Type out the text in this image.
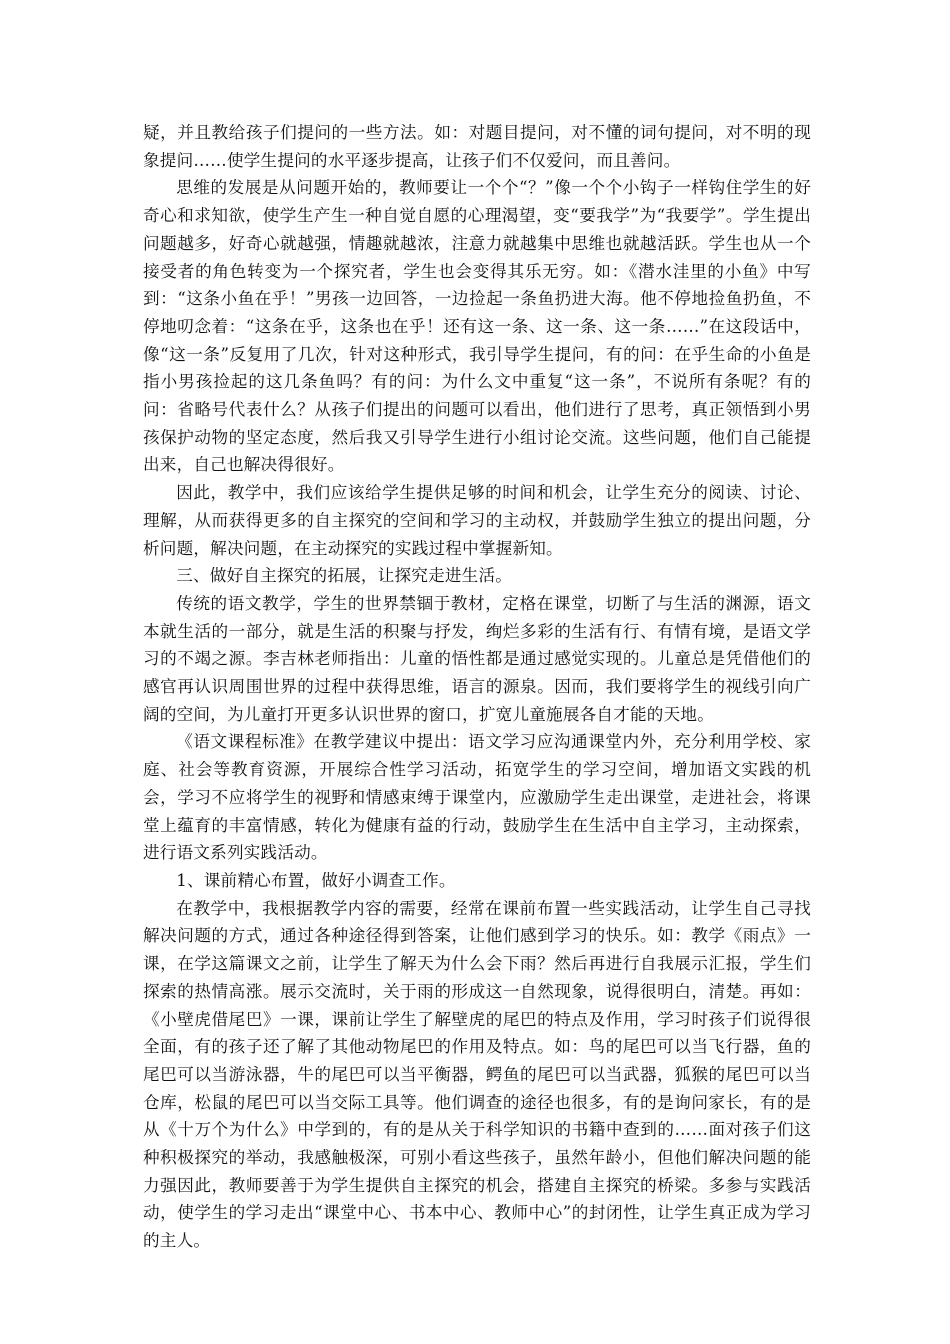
疑，并且教给孩子们提问的一些方法。如：对题目提问，对不懂的词句提问，对不明的现象提问……使学生提问的水平逐步提高，让孩子们不仅爱问，而且善问。

思维的发展是从问题开始的，教师要让一个个“？”像一个个小钩子一样钩住学生的好奇心和求知欲，使学生产生一种自觉自愿的心理渴望，变“要我学”为“我要学”。学生提出问题越多，好奇心就越强，情趣就越浓，注意力就越集中思维也就越活跃。学生也从一个接受者的角色转变为一个探究者，学生也会变得其乐无穷。如：《潜水洼里的小鱼》中写到：“这条小鱼在乎！”男孩一边回答，一边捡起一条鱼扔进大海。他不停地捡鱼扔鱼，不停地叨念着：“这条在乎，这条也在乎！还有这一条、这一条、这一条……”在这段话中，像“这一条”反复用了几次，针对这种形式，我引导学生提问，有的问：在乎生命的小鱼是指小男孩捡起的这几条鱼吗？有的问：为什么文中重复“这一条”，不说所有条呢？有的问：省略号代表什么？从孩子们提出的问题可以看出，他们进行了思考，真正领悟到小男孩保护动物的坚定态度，然后我又引导学生进行小组讨论交流。这些问题，他们自己能提出来，自己也解决得很好。

因此，教学中，我们应该给学生提供足够的时间和机会，让学生充分的阅读、讨论、理解，从而获得更多的自主探究的空间和学习的主动权，并鼓励学生独立的提出问题，分析问题，解决问题，在主动探究的实践过程中掌握新知。

三、做好自主探究的拓展，让探究走进生活。

传统的语文教学，学生的世界禁锢于教材，定格在课堂，切断了与生活的渊源，语文本就生活的一部分，就是生活的积聚与抒发，绚烂多彩的生活有行、有情有境，是语文学习的不竭之源。李吉林老师指出：儿童的悟性都是通过感觉实现的。儿童总是凭借他们的感官再认识周围世界的过程中获得思维，语言的源泉。因而，我们要将学生的视线引向广阔的空间，为儿童打开更多认识世界的窗口，扩宽儿童施展各自才能的天地。

《语文课程标准》在教学建议中提出：语文学习应沟通课堂内外，充分利用学校、家庭、社会等教育资源，开展综合性学习活动，拓宽学生的学习空间，增加语文实践的机会，学习不应将学生的视野和情感束缚于课堂内，应激励学生走出课堂，走进社会，将课堂上蕴育的丰富情感，转化为健康有益的行动，鼓励学生在生活中自主学习，主动探索，进行语文系列实践活动。

1、课前精心布置，做好小调查工作。

在教学中，我根据教学内容的需要，经常在课前布置一些实践活动，让学生自己寻找解决问题的方式，通过各种途径得到答案，让他们感到学习的快乐。如：教学《雨点》一课，在学这篇课文之前，让学生了解天为什么会下雨？然后再进行自我展示汇报，学生们探索的热情高涨。展示交流时，关于雨的形成这一自然现象，说得很明白，清楚。再如：《小壁虎借尾巴》一课，课前让学生了解壁虎的尾巴的特点及作用，学习时孩子们说得很全面，有的孩子还了解了其他动物尾巴的作用及特点。如：鸟的尾巴可以当飞行器，鱼的尾巴可以当游泳器，牛的尾巴可以当平衡器，鳄鱼的尾巴可以当武器，狐猴的尾巴可以当仓库，松鼠的尾巴可以当交际工具等。他们调查的途径也很多，有的是询问家长，有的是从《十万个为什么》中学到的，有的是从关于科学知识的书籍中查到的……面对孩子们这种积极探究的举动，我感触极深，可别小看这些孩子，虽然年龄小，但他们解决问题的能力强因此，教师要善于为学生提供自主探究的机会，搭建自主探究的桥梁。多参与实践活动，使学生的学习走出“课堂中心、书本中心、教师中心”的封闭性，让学生真正成为学习的主人。
